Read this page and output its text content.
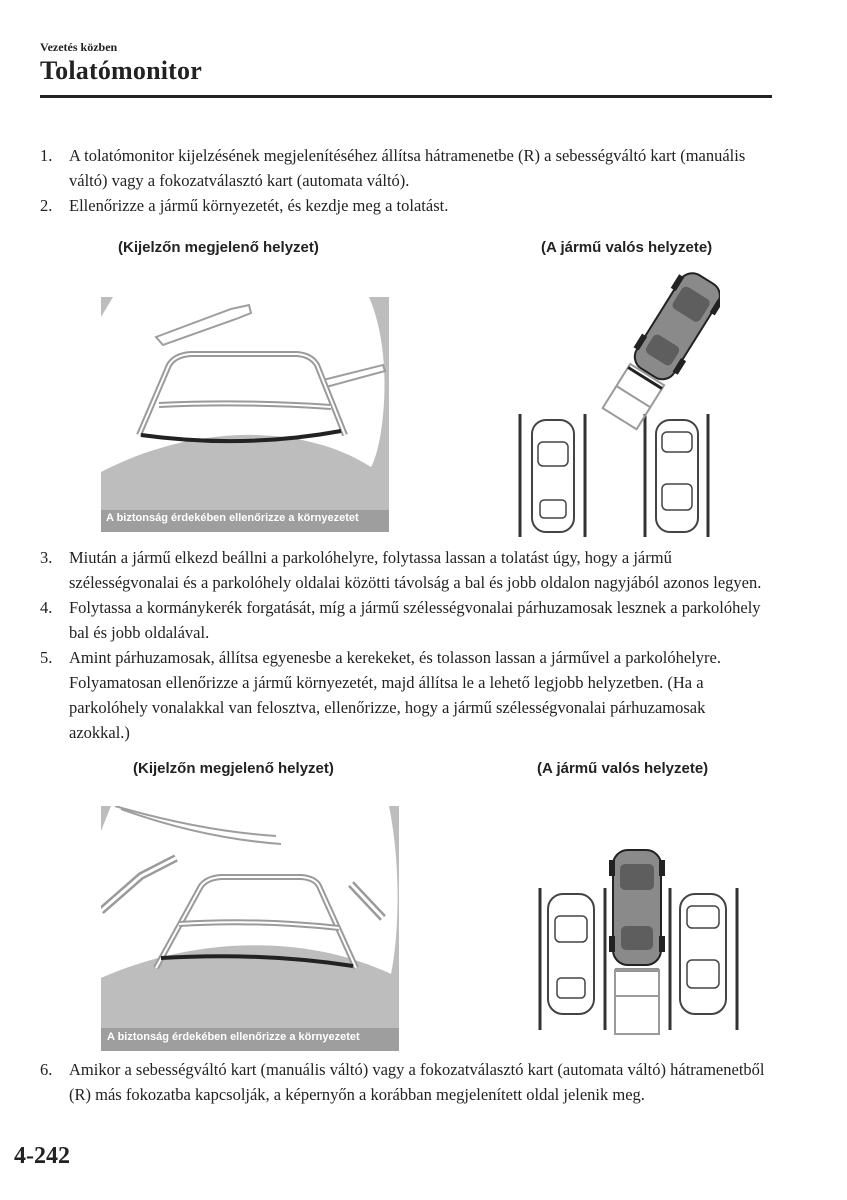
Vezetés közben
Tolatómonitor
1.	A tolatómonitor kijelzésének megjelenítéséhez állítsa hátramenetbe (R) a sebességváltó kart (manuális váltó) vagy a fokozatválasztó kart (automata váltó).
2.	Ellenőrizze a jármű környezetét, és kezdje meg a tolatást.
(Kijelzőn megjelenő helyzet)	(A jármű valós helyzete)
A biztonság érdekében ellenőrizze a környezetet
3.	Miután a jármű elkezd beállni a parkolóhelyre, folytassa lassan a tolatást úgy, hogy a jármű szélességvonalai és a parkolóhely oldalai közötti távolság a bal és jobb oldalon nagyjából azonos legyen.
4.	Folytassa a kormánykerék forgatását, míg a jármű szélességvonalai párhuzamosak lesznek a parkolóhely bal és jobb oldalával.
5.	Amint párhuzamosak, állítsa egyenesbe a kerekeket, és tolasson lassan a járművel a parkolóhelyre. Folyamatosan ellenőrizze a jármű környezetét, majd állítsa le a lehető legjobb helyzetben. (Ha a parkolóhely vonalakkal van felosztva, ellenőrizze, hogy a jármű szélességvonalai párhuzamosak azokkal.)
(Kijelzőn megjelenő helyzet)	(A jármű valós helyzete)
A biztonság érdekében ellenőrizze a környezetet
6.	Amikor a sebességváltó kart (manuális váltó) vagy a fokozatválasztó kart (automata váltó) hátramenetből (R) más fokozatba kapcsolják, a képernyőn a korábban megjelenített oldal jelenik meg.
4-242
